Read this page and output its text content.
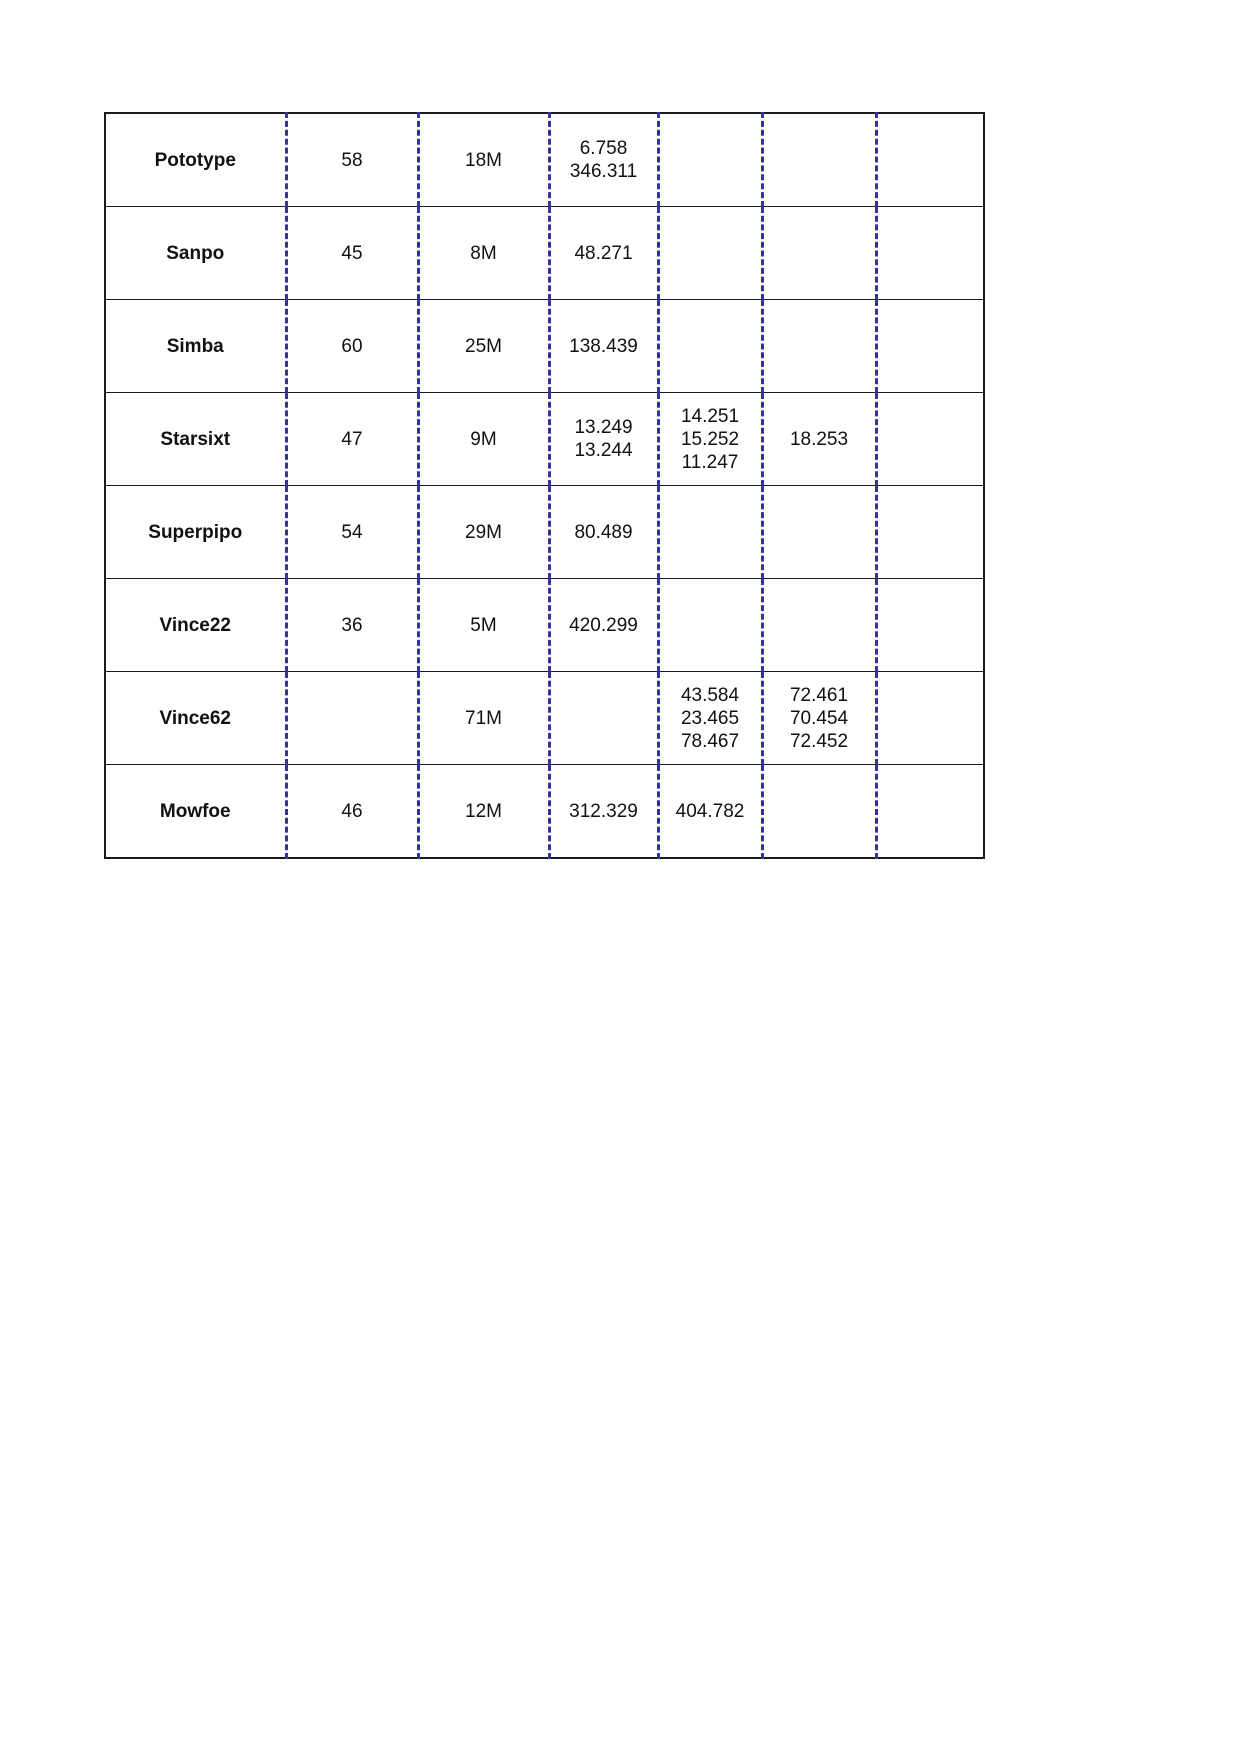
Pototype	58	18M	6.758
346.311			

Sanpo	45	8M	48.271			

Simba	60	25M	138.439			

Starsixt	47	9M	13.249
13.244	14.251
15.252
11.247	18.253	

Superpipo	54	29M	80.489			

Vince22	36	5M	420.299			

Vince62		71M		43.584
23.465
78.467	72.461
70.454
72.452	

Mowfoe	46	12M	312.329	404.782		
